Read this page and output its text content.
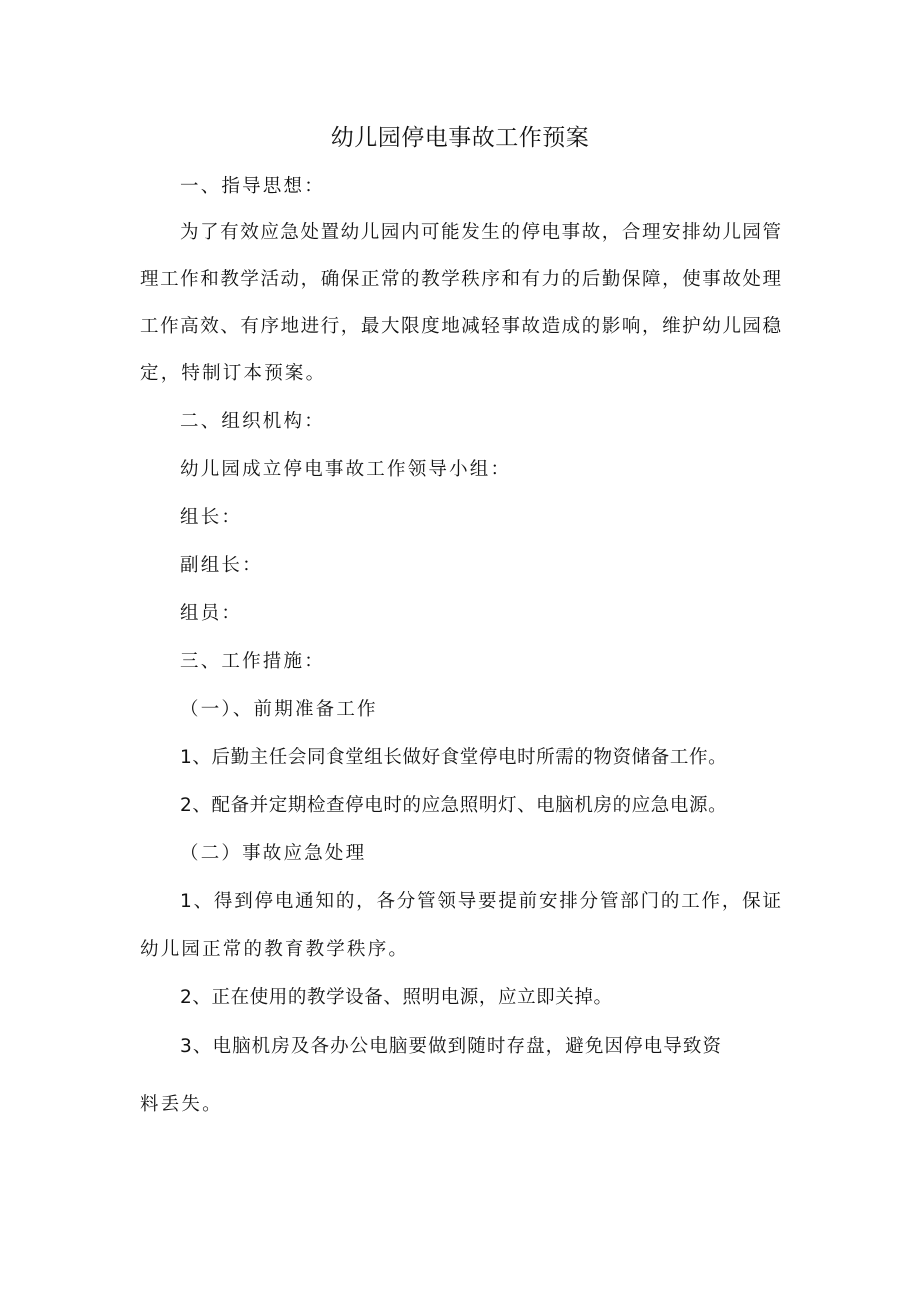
幼儿园停电事故工作预案

一、指导思想：

为了有效应急处置幼儿园内可能发生的停电事故，合理安排幼儿园管

理工作和教学活动，确保正常的教学秩序和有力的后勤保障，使事故处理

工作高效、有序地进行，最大限度地减轻事故造成的影响，维护幼儿园稳

定，特制订本预案。

二、组织机构：

幼儿园成立停电事故工作领导小组：

组长：

副组长：

组员：

三、工作措施：

（一）、前期准备工作

1、后勤主任会同食堂组长做好食堂停电时所需的物资储备工作。

2、配备并定期检查停电时的应急照明灯、电脑机房的应急电源。

（二）事故应急处理

1、得到停电通知的，各分管领导要提前安排分管部门的工作，保证

幼儿园正常的教育教学秩序。

2、正在使用的教学设备、照明电源，应立即关掉。

3、电脑机房及各办公电脑要做到随时存盘，避免因停电导致资

料丢失。
